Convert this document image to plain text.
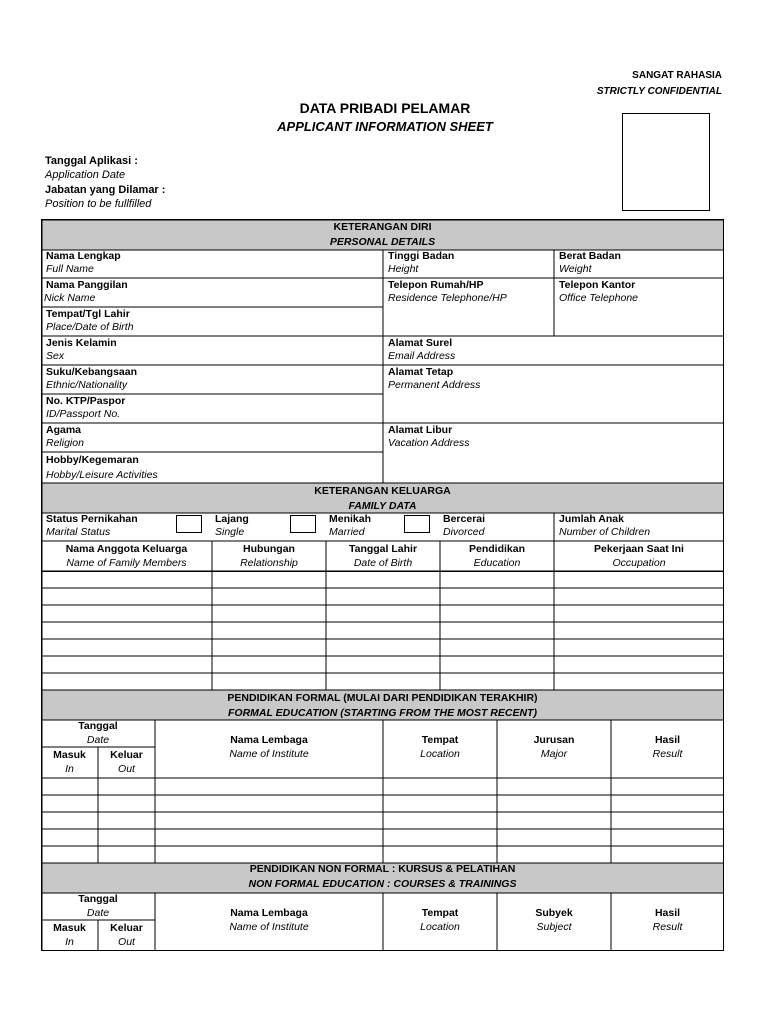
SANGAT RAHASIA
STRICTLY CONFIDENTIAL
DATA PRIBADI PELAMAR
APPLICANT INFORMATION SHEET
Tanggal Aplikasi :
Application Date
Jabatan yang Dilamar :
Position to be fullfilled
KETERANGAN DIRI
PERSONAL DETAILS
Nama Lengkap
Full Name
Tinggi Badan
Height
Berat Badan
Weight
Nama Panggilan
Nick Name
Telepon Rumah/HP
Residence Telephone/HP
Telepon Kantor
Office Telephone
Tempat/Tgl Lahir
Place/Date of Birth
Jenis Kelamin
Sex
Alamat Surel
Email Address
Suku/Kebangsaan
Ethnic/Nationality
Alamat Tetap
Permanent Address
No. KTP/Paspor
ID/Passport No.
Agama
Religion
Alamat Libur
Vacation Address
Hobby/Kegemaran
Hobby/Leisure Activities
KETERANGAN KELUARGA
FAMILY DATA
Status Pernikahan
Marital Status
Lajang
Single
Menikah
Married
Bercerai
Divorced
Jumlah Anak
Number of Children
Nama Anggota Keluarga
Name of Family Members
Hubungan
Relationship
Tanggal Lahir
Date of Birth
Pendidikan
Education
Pekerjaan Saat Ini
Occupation
PENDIDIKAN FORMAL (MULAI DARI PENDIDIKAN TERAKHIR)
FORMAL EDUCATION (STARTING FROM THE MOST RECENT)
Tanggal
Date
Masuk
In
Keluar
Out
Nama Lembaga
Name of Institute
Tempat
Location
Jurusan
Major
Hasil
Result
PENDIDIKAN NON FORMAL : KURSUS & PELATIHAN
NON FORMAL EDUCATION : COURSES & TRAININGS
Tanggal
Date
Masuk
In
Keluar
Out
Nama Lembaga
Name of Institute
Tempat
Location
Subyek
Subject
Hasil
Result
